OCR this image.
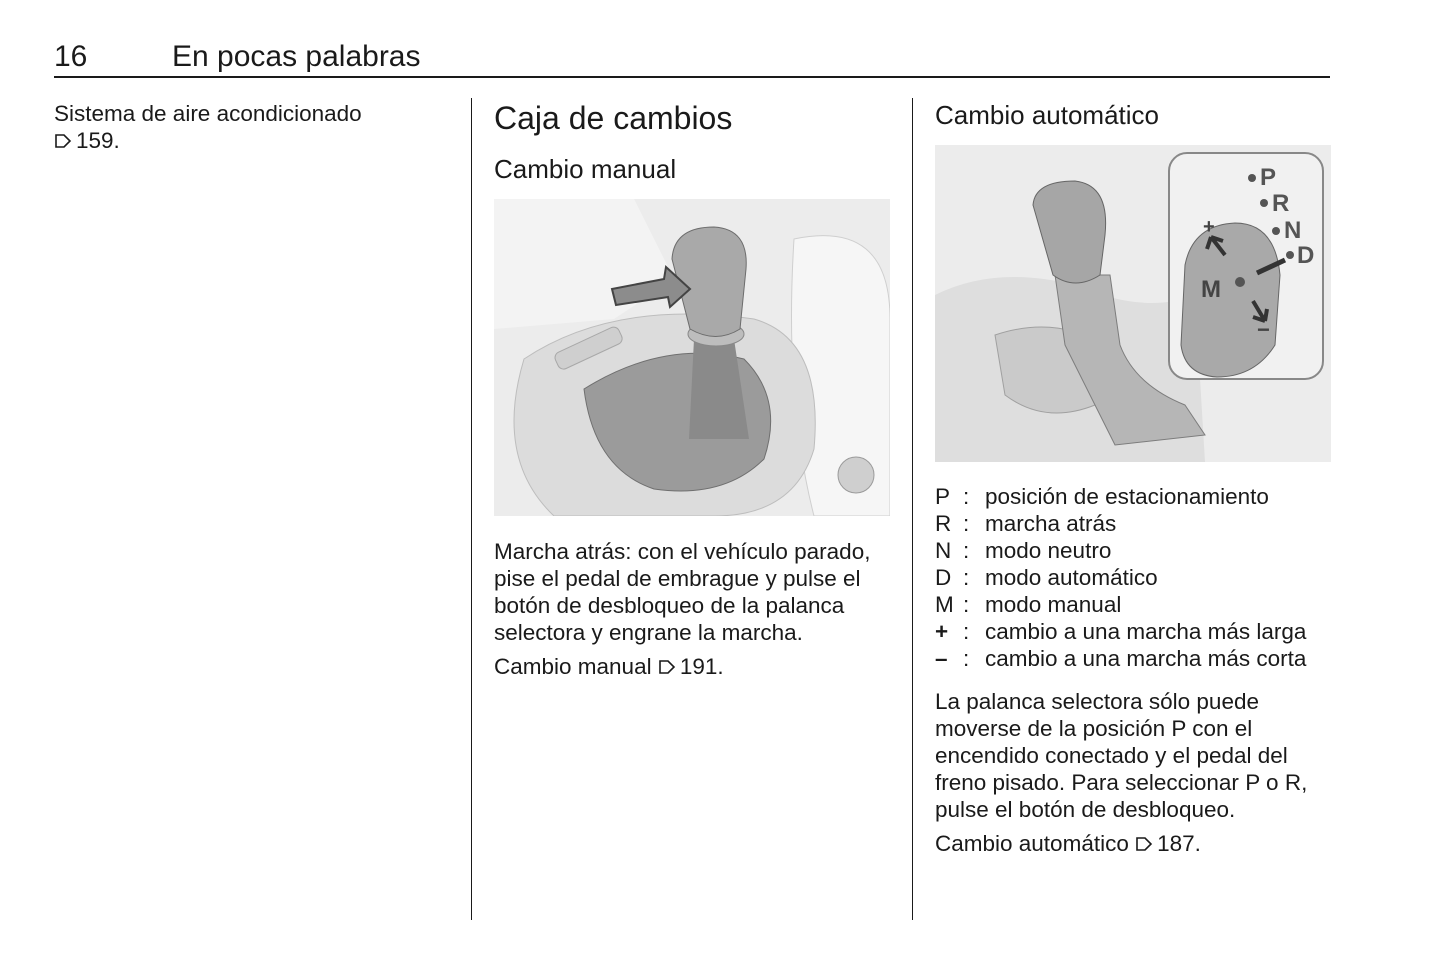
16	En pocas palabras
Sistema de aire acondicionado
159.
Caja de cambios
Cambio manual
Marcha atrás: con el vehículo parado,
pise el pedal de embrague y pulse el
botón de desbloqueo de la palanca
selectora y engrane la marcha.
Cambio manual 191.
Cambio automático
P
R
N
D
M
+
−
P : posición de estacionamiento
R : marcha atrás
N : modo neutro
D : modo automático
M : modo manual
+ : cambio a una marcha más larga
– : cambio a una marcha más corta
La palanca selectora sólo puede
moverse de la posición P con el
encendido conectado y el pedal del
freno pisado. Para seleccionar P o R,
pulse el botón de desbloqueo.
Cambio automático 187.
